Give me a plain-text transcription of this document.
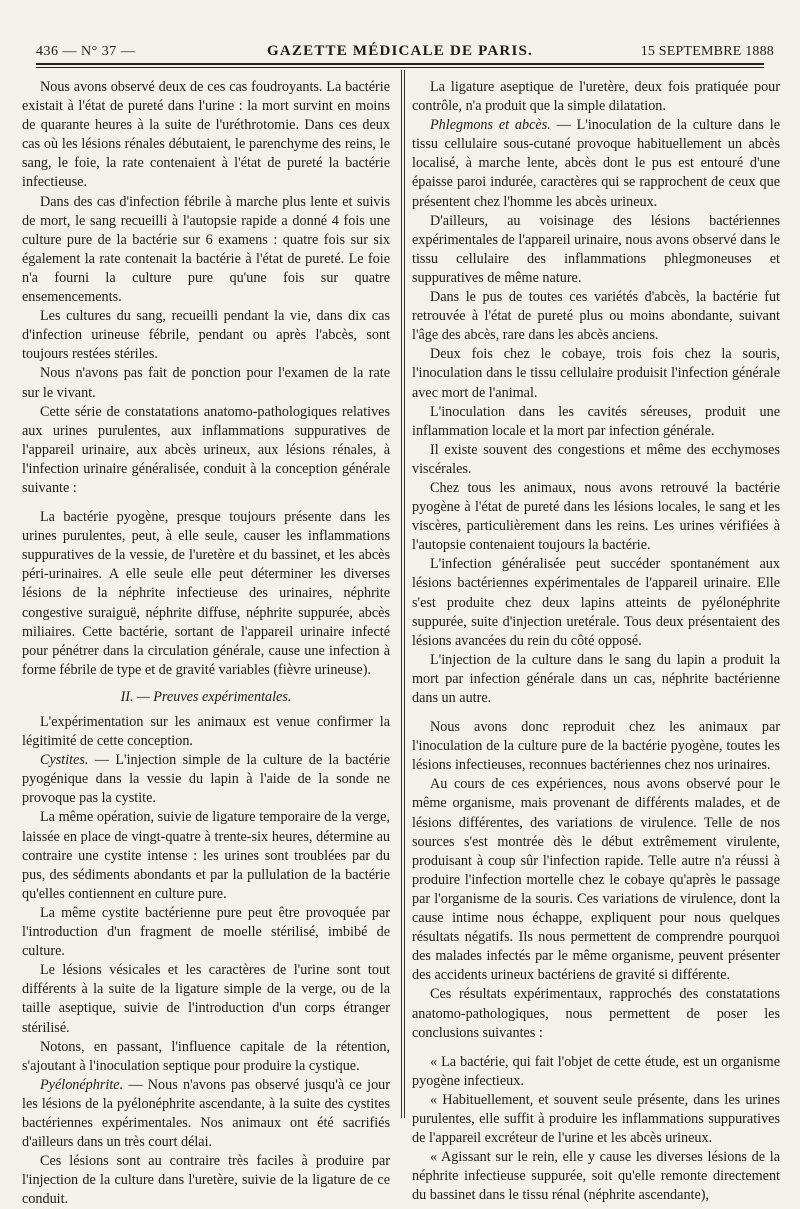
436 — N° 37 —	GAZETTE MÉDICALE DE PARIS.	15 SEPTEMBRE 1888

Nous avons observé deux de ces cas foudroyants. La bactérie existait à l'état de pureté dans l'urine : la mort survint en moins de quarante heures à la suite de l'uréthrotomie. Dans ces deux cas où les lésions rénales débutaient, le parenchyme des reins, le sang, le foie, la rate contenaient à l'état de pureté la bactérie infectieuse.

Dans des cas d'infection fébrile à marche plus lente et suivis de mort, le sang recueilli à l'autopsie rapide a donné 4 fois une culture pure de la bactérie sur 6 examens : quatre fois sur six également la rate contenait la bactérie à l'état de pureté. Le foie n'a fourni la culture pure qu'une fois sur quatre ensemencements.

Les cultures du sang, recueilli pendant la vie, dans dix cas d'infection urineuse fébrile, pendant ou après l'abcès, sont toujours restées stériles.

Nous n'avons pas fait de ponction pour l'examen de la rate sur le vivant.

Cette série de constatations anatomo-pathologiques relatives aux urines purulentes, aux inflammations suppuratives de l'appareil urinaire, aux abcès urineux, aux lésions rénales, à l'infection urinaire généralisée, conduit à la conception générale suivante :

La bactérie pyogène, presque toujours présente dans les urines purulentes, peut, à elle seule, causer les inflammations suppuratives de la vessie, de l'uretère et du bassinet, et les abcès péri-urinaires. A elle seule elle peut déterminer les diverses lésions de la néphrite infectieuse des urinaires, néphrite congestive suraiguë, néphrite diffuse, néphrite suppurée, abcès miliaires. Cette bactérie, sortant de l'appareil urinaire infecté pour pénétrer dans la circulation générale, cause une infection à forme fébrile de type et de gravité variables (fièvre urineuse).

II. — Preuves expérimentales.

L'expérimentation sur les animaux est venue confirmer la légitimité de cette conception.

Cystites. — L'injection simple de la culture de la bactérie pyogénique dans la vessie du lapin à l'aide de la sonde ne provoque pas la cystite.

La même opération, suivie de ligature temporaire de la verge, laissée en place de vingt-quatre à trente-six heures, détermine au contraire une cystite intense : les urines sont troublées par du pus, des sédiments abondants et par la pullulation de la bactérie qu'elles contiennent en culture pure.

La même cystite bactérienne pure peut être provoquée par l'introduction d'un fragment de moelle stérilisé, imbibé de culture.

Le lésions vésicales et les caractères de l'urine sont tout différents à la suite de la ligature simple de la verge, ou de la taille aseptique, suivie de l'introduction d'un corps étranger stérilisé.

Notons, en passant, l'influence capitale de la rétention, s'ajoutant à l'inoculation septique pour produire la cystique.

Pyélonéphrite. — Nous n'avons pas observé jusqu'à ce jour les lésions de la pyélonéphrite ascendante, à la suite des cystites bactériennes expérimentales. Nos animaux ont été sacrifiés d'ailleurs dans un très court délai.

Ces lésions sont au contraire très faciles à produire par l'injection de la culture dans l'uretère, suivie de la ligature de ce conduit.

La ligature aseptique de l'uretère, deux fois pratiquée pour contrôle, n'a produit que la simple dilatation.

Phlegmons et abcès. — L'inoculation de la culture dans le tissu cellulaire sous-cutané provoque habituellement un abcès localisé, à marche lente, abcès dont le pus est entouré d'une épaisse paroi indurée, caractères qui se rapprochent de ceux que présentent chez l'homme les abcès urineux.

D'ailleurs, au voisinage des lésions bactériennes expérimentales de l'appareil urinaire, nous avons observé dans le tissu cellulaire des inflammations phlegmoneuses et suppuratives de même nature.

Dans le pus de toutes ces variétés d'abcès, la bactérie fut retrouvée à l'état de pureté plus ou moins abondante, suivant l'âge des abcès, rare dans les abcès anciens.

Deux fois chez le cobaye, trois fois chez la souris, l'inoculation dans le tissu cellulaire produisit l'infection générale avec mort de l'animal.

L'inoculation dans les cavités séreuses, produit une inflammation locale et la mort par infection générale.

Il existe souvent des congestions et même des ecchymoses viscérales.

Chez tous les animaux, nous avons retrouvé la bactérie pyogène à l'état de pureté dans les lésions locales, le sang et les viscères, particulièrement dans les reins. Les urines vérifiées à l'autopsie contenaient toujours la bactérie.

L'infection généralisée peut succéder spontanément aux lésions bactériennes expérimentales de l'appareil urinaire. Elle s'est produite chez deux lapins atteints de pyélonéphrite suppurée, suite d'injection uretérale. Tous deux présentaient des lésions avancées du rein du côté opposé.

L'injection de la culture dans le sang du lapin a produit la mort par infection générale dans un cas, néphrite bactérienne dans un autre.

Nous avons donc reproduit chez les animaux par l'inoculation de la culture pure de la bactérie pyogène, toutes les lésions infectieuses, reconnues bactériennes chez nos urinaires.

Au cours de ces expériences, nous avons observé pour le même organisme, mais provenant de différents malades, et de lésions différentes, des variations de virulence. Telle de nos sources s'est montrée dès le début extrêmement virulente, produisant à coup sûr l'infection rapide. Telle autre n'a réussi à produire l'infection mortelle chez le cobaye qu'après le passage par l'organisme de la souris. Ces variations de virulence, dont la cause intime nous échappe, expliquent pour nous quelques résultats négatifs. Ils nous permettent de comprendre pourquoi des malades infectés par le même organisme, peuvent présenter des accidents urineux bactériens de gravité si différente.

Ces résultats expérimentaux, rapprochés des constatations anatomo-pathologiques, nous permettent de poser les conclusions suivantes :

« La bactérie, qui fait l'objet de cette étude, est un organisme pyogène infectieux.

« Habituellement, et souvent seule présente, dans les urines purulentes, elle suffit à produire les inflammations suppuratives de l'appareil excréteur de l'urine et les abcès urineux.

« Agissant sur le rein, elle y cause les diverses lésions de la néphrite infectieuse suppurée, soit qu'elle remonte directement du bassinet dans le tissu rénal (néphrite ascendante),
